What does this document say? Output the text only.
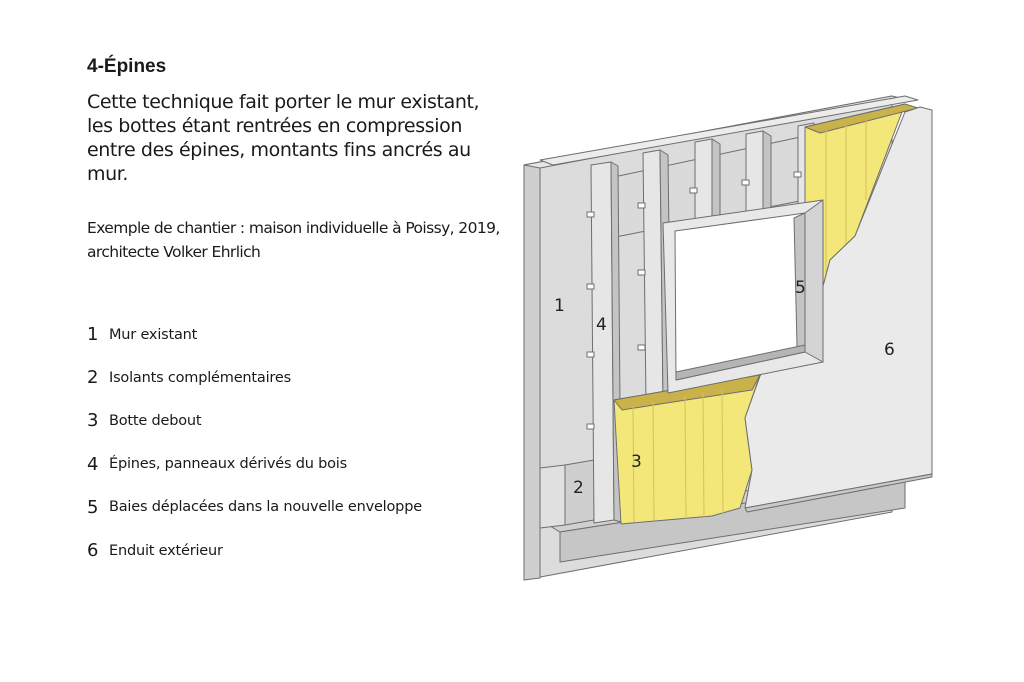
4-Épines
Cette technique fait porter le mur existant, les bottes étant rentrées en compression entre des épines, montants fins ancrés au mur.
Exemple de chantier : maison individuelle à Poissy, 2019, architecte Volker Ehrlich
1 Mur existant
2 Isolants complémentaires
3 Botte debout
4 Épines, panneaux dérivés du bois
5 Baies déplacées dans la nouvelle enveloppe
6 Enduit extérieur
1
2
3
4
5
6
